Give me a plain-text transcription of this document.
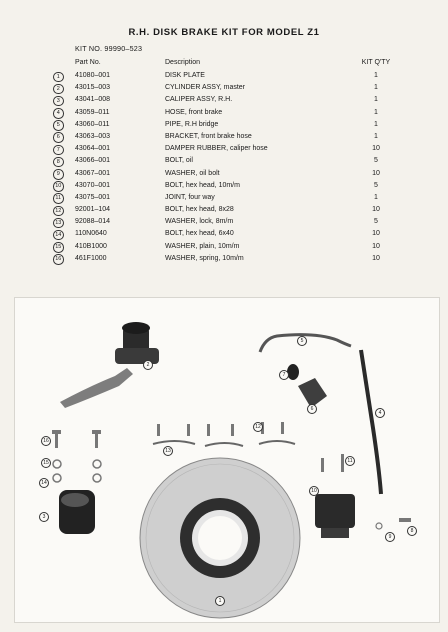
R.H. DISK BRAKE KIT FOR MODEL Z1
KIT NO. 99990–523
Part No.	Description	KIT Q'TY
1	41080–001	DISK PLATE	1
2	43015–003	CYLINDER ASSY, master	1
3	43041–008	CALIPER ASSY, R.H.	1
4	43059–011	HOSE, front brake	1
5	43060–011	PIPE, R.H bridge	1
6	43063–003	BRACKET, front brake hose	1
7	43064–001	DAMPER RUBBER, caliper hose	10
8	43066–001	BOLT, oil	5
9	43067–001	WASHER, oil bolt	10
10	43070–001	BOLT, hex head, 10m/m	5
11	43075–001	JOINT, four way	1
12	92001–104	BOLT, hex head, 8x28	10
13	92088–014	WASHER, lock, 8m/m	5
14	110N0640	BOLT, hex head, 6x40	10
15	410B1000	WASHER, plain, 10m/m	10
16	461F1000	WASHER, spring, 10m/m	10
1
2
3
4
5
6
7
8
9
10
11
12
13
14
15
16
